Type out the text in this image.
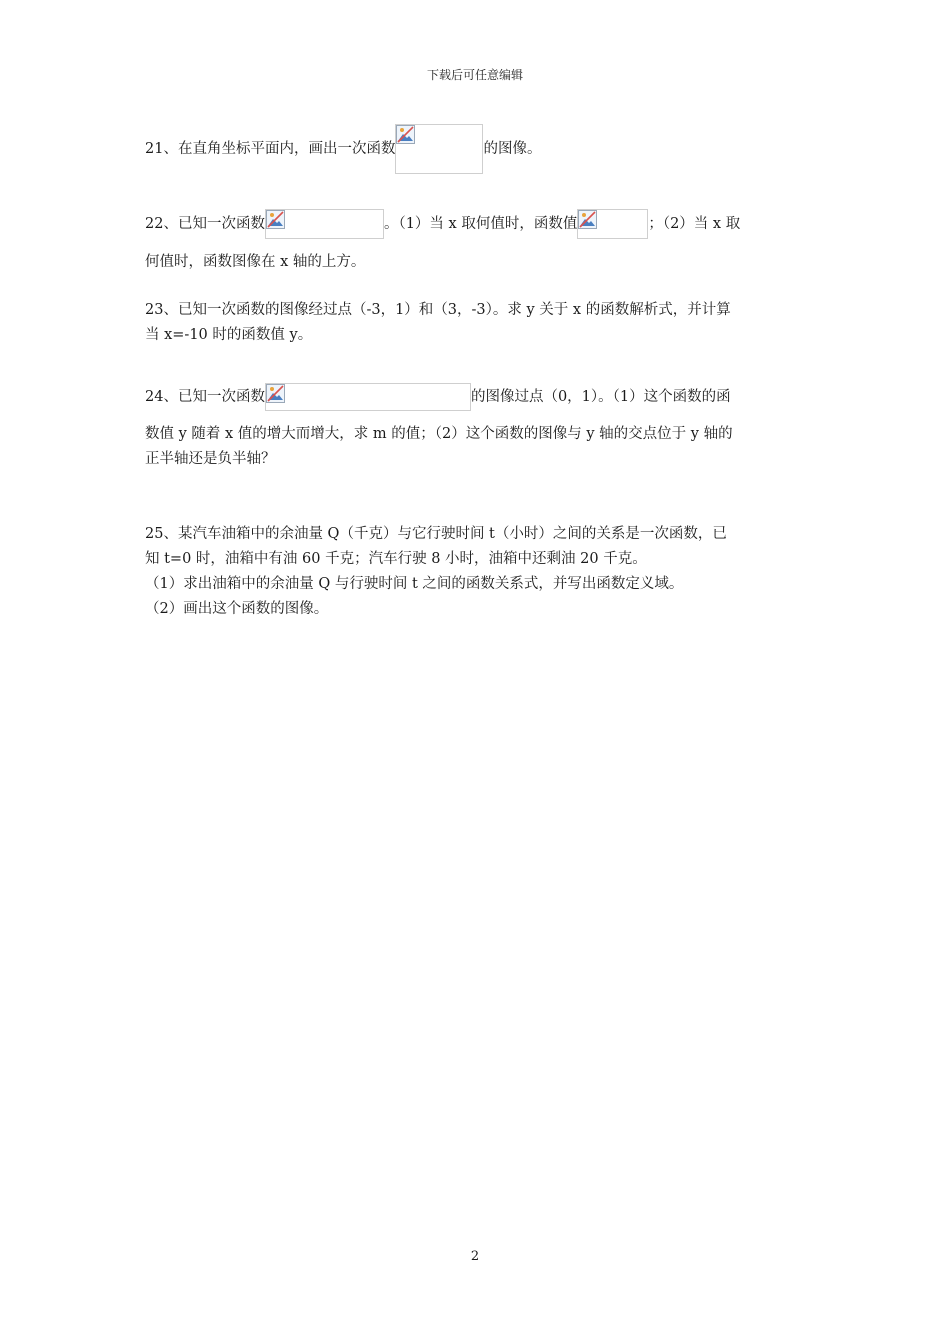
下载后可任意编辑
21、在直角坐标平面内，画出一次函数	的图像。
22、已知一次函数	。（1）当 x 取何值时，函数值	；（2）当 x 取
何值时，函数图像在 x 轴的上方。
23、已知一次函数的图像经过点（-3，1）和（3，-3）。求 y 关于 x 的函数解析式，并计算
当 x=-10 时的函数值 y。
24、已知一次函数	的图像过点（0，1）。（1）这个函数的函
数值 y 随着 x 值的增大而增大，求 m 的值；（2）这个函数的图像与 y 轴的交点位于 y 轴的
正半轴还是负半轴？
25、某汽车油箱中的余油量 Q（千克）与它行驶时间 t（小时）之间的关系是一次函数，已
知 t=0 时，油箱中有油 60 千克；汽车行驶 8 小时，油箱中还剩油 20 千克。
（1）求出油箱中的余油量 Q 与行驶时间 t 之间的函数关系式，并写出函数定义域。
（2）画出这个函数的图像。
2
